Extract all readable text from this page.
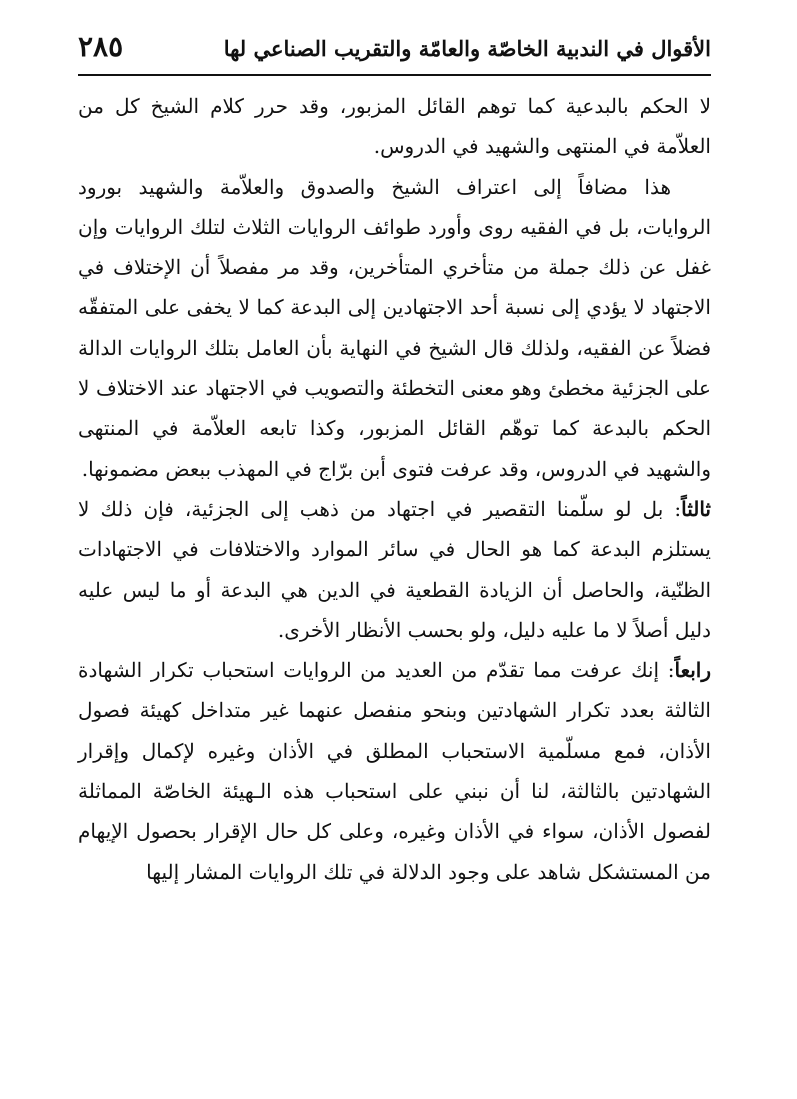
الأقوال في الندبية الخاصّة والعامّة والتقريب الصناعي لها
٢٨٥

لا الحكم بالبدعية كما توهم القائل المزبور، وقد حرر كلام الشيخ كل من العلاّمة في المنتهى والشهيد في الدروس.

هذا مضافاً إلى اعتراف الشيخ والصدوق والعلاّمة والشهيد بورود الروايات، بل في الفقيه روى وأورد طوائف الروايات الثلاث لتلك الروايات وإن غفل عن ذلك جملة من متأخري المتأخرين، وقد مر مفصلاً أن الإختلاف في الاجتهاد لا يؤدي إلى نسبة أحد الاجتهادين إلى البدعة كما لا يخفى على المتفقّه فضلاً عن الفقيه، ولذلك قال الشيخ في النهاية بأن العامل بتلك الروايات الدالة على الجزئية مخطئ وهو معنى التخطئة والتصويب في الاجتهاد عند الاختلاف لا الحكم بالبدعة كما توهّم القائل المزبور، وكذا تابعه العلاّمة في المنتهى والشهيد في الدروس، وقد عرفت فتوى أبن برّاج في المهذب ببعض مضمونها.

ثالثاً: بل لو سلّمنا التقصير في اجتهاد من ذهب إلى الجزئية، فإن ذلك لا يستلزم البدعة كما هو الحال في سائر الموارد والاختلافات في الاجتهادات الظنّية، والحاصل أن الزيادة القطعية في الدين هي البدعة أو ما ليس عليه دليل أصلاً لا ما عليه دليل، ولو بحسب الأنظار الأخرى.

رابعاً: إنك عرفت مما تقدّم من العديد من الروايات استحباب تكرار الشهادة الثالثة بعدد تكرار الشهادتين وبنحو منفصل عنهما غير متداخل كهيئة فصول الأذان، فمع مسلّمية الاستحباب المطلق في الأذان وغيره لإكمال وإقرار الشهادتين بالثالثة، لنا أن نبني على استحباب هذه الـهيئة الخاصّة المماثلة لفصول الأذان، سواء في الأذان وغيره، وعلى كل حال الإقرار بحصول الإيهام من المستشكل شاهد على وجود الدلالة في تلك الروايات المشار إليها
